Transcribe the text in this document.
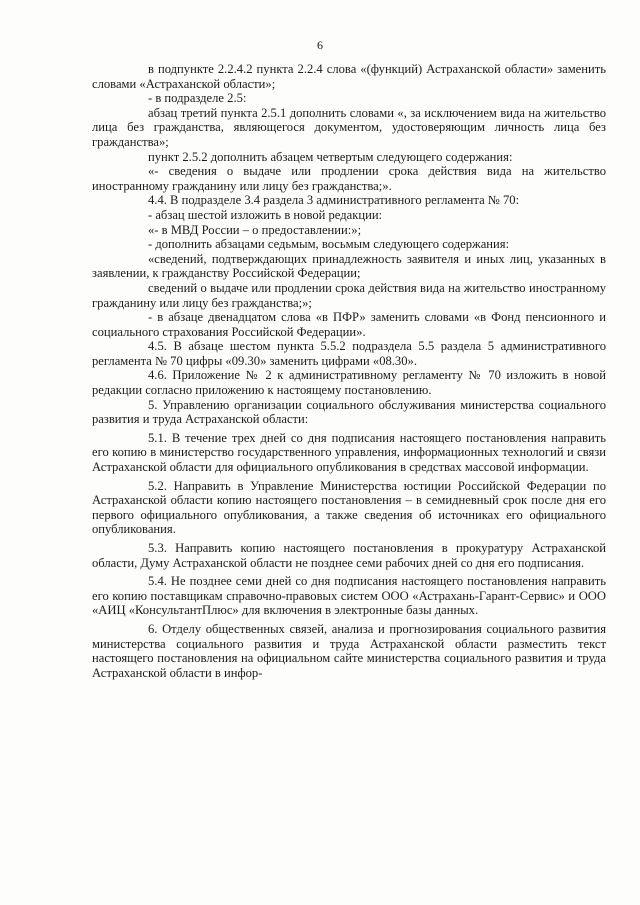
6

в подпункте 2.2.4.2 пункта 2.2.4 слова «(функций) Астраханской области» заменить словами «Астраханской области»;

- в подразделе 2.5:

абзац третий пункта 2.5.1 дополнить словами «, за исключением вида на жительство лица без гражданства, являющегося документом, удостоверяющим личность лица без гражданства»;

пункт 2.5.2 дополнить абзацем четвертым следующего содержания:

«- сведения о выдаче или продлении срока действия вида на жительство иностранному гражданину или лицу без гражданства;».

4.4. В подразделе 3.4 раздела 3 административного регламента № 70:

- абзац шестой изложить в новой редакции:

«- в МВД России – о предоставлении:»;

- дополнить абзацами седьмым, восьмым следующего содержания:

«сведений, подтверждающих принадлежность заявителя и иных лиц, указанных в заявлении, к гражданству Российской Федерации;

сведений о выдаче или продлении срока действия вида на жительство иностранному гражданину или лицу без гражданства;»;

- в абзаце двенадцатом слова «в ПФР» заменить словами «в Фонд пенсионного и социального страхования Российской Федерации».

4.5. В абзаце шестом пункта 5.5.2 подраздела 5.5 раздела 5 административного регламента № 70 цифры «09.30» заменить цифрами «08.30».

4.6. Приложение № 2 к административному регламенту № 70 изложить в новой редакции согласно приложению к настоящему постановлению.

5. Управлению организации социального обслуживания министерства социального развития и труда Астраханской области:

5.1. В течение трех дней со дня подписания настоящего постановления направить его копию в министерство государственного управления, информационных технологий и связи Астраханской области для официального опубликования в средствах массовой информации.

5.2. Направить в Управление Министерства юстиции Российской Федерации по Астраханской области копию настоящего постановления – в семидневный срок после дня его первого официального опубликования, а также сведения об источниках его официального опубликования.

5.3. Направить копию настоящего постановления в прокуратуру Астраханской области, Думу Астраханской области не позднее семи рабочих дней со дня его подписания.

5.4. Не позднее семи дней со дня подписания настоящего постановления направить его копию поставщикам справочно-правовых систем ООО «Астрахань-Гарант-Сервис» и ООО «АИЦ «КонсультантПлюс» для включения в электронные базы данных.

6. Отделу общественных связей, анализа и прогнозирования социального развития министерства социального развития и труда Астраханской области разместить текст настоящего постановления на официальном сайте министерства социального развития и труда Астраханской области в инфор-
